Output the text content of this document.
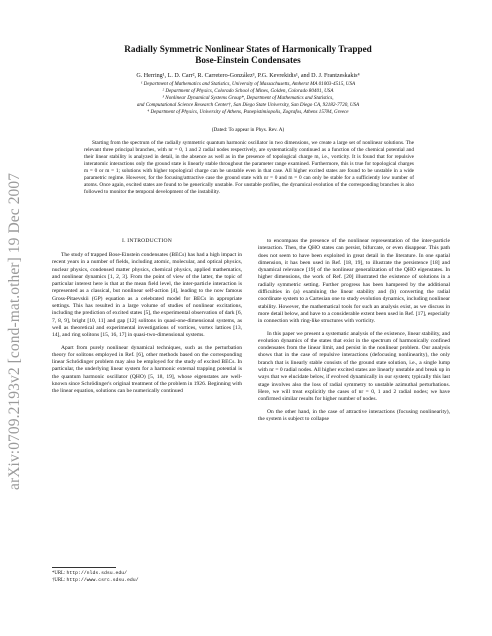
arXiv:0709.2193v2 [cond-mat.other] 19 Dec 2007
Radially Symmetric Nonlinear States of Harmonically Trapped
Bose-Einstein Condensates
G. Herring¹, L. D. Carr², R. Carretero-González³, P.G. Kevrekidis¹, and D. J. Frantzeskakis⁴
¹ Department of Mathematics and Statistics, University of Massachusetts, Amherst MA 01003-4515, USA
² Department of Physics, Colorado School of Mines, Golden, Colorado 80401, USA
³ Nonlinear Dynamical Systems Group*, Department of Mathematics and Statistics,
and Computational Science Research Center†, San Diego State University, San Diego CA, 92182-7720, USA
⁴ Department of Physics, University of Athens, Panepistimiopolis, Zografos, Athens 15784, Greece
(Dated: To appear in Phys. Rev. A)
Starting from the spectrum of the radially symmetric quantum harmonic oscillator in two dimensions, we create a large set of nonlinear solutions. The relevant three principal branches, with nr = 0, 1 and 2 radial nodes respectively, are systematically continued as a function of the chemical potential and their linear stability is analyzed in detail, in the absence as well as in the presence of topological charge m, i.e., vorticity. It is found that for repulsive interatomic interactions only the ground state is linearly stable throughout the parameter range examined. Furthermore, this is true for topological charges m = 0 or m = 1; solutions with higher topological charge can be unstable even in that case. All higher excited states are found to be unstable in a wide parametric regime. However, for the focusing/attractive case the ground state with nr = 0 and m = 0 can only be stable for a sufficiently low number of atoms. Once again, excited states are found to be generically unstable. For unstable profiles, the dynamical evolution of the corresponding branches is also followed to monitor the temporal development of the instability.
I. INTRODUCTION

The study of trapped Bose-Einstein condensates (BECs) has had a high impact in recent years in a number of fields, including atomic, molecular, and optical physics, nuclear physics, condensed matter physics, chemical physics, applied mathematics, and nonlinear dynamics [1, 2, 3]. From the point of view of the latter, the topic of particular interest here is that at the mean field level, the inter-particle interaction is represented as a classical, but nonlinear self-action [4], leading to the now famous Gross-Pitaevskii (GP) equation as a celebrated model for BECs in appropriate settings. This has resulted in a large volume of studies of nonlinear excitations, including the prediction of excited states [5], the experimental observation of dark [6, 7, 8, 9], bright [10, 11] and gap [12] solitons in quasi-one-dimensional systems, as well as theoretical and experimental investigations of vortices, vortex lattices [13, 14], and ring solitons [15, 16, 17] in quasi-two-dimensional systems.

Apart from purely nonlinear dynamical techniques, such as the perturbation theory for solitons employed in Ref. [6], other methods based on the corresponding linear Schrödinger problem may also be employed for the study of excited BECs. In particular, the underlying linear system for a harmonic external trapping potential is the quantum harmonic oscillator (QHO) [5, 18, 19], whose eigenstates are well-known since Schrödinger's original treatment of the problem in 1926. Beginning with the linear equation, solutions can be numerically continued

*URL: http://nlds.sdsu.edu/
†URL: http://www.csrc.sdsu.edu/

to encompass the presence of the nonlinear representation of the inter-particle interaction. Then, the QHO states can persist, bifurcate, or even disappear. This path does not seem to have been exploited in great detail in the literature. In one spatial dimension, it has been used in Ref. [18, 19], to illustrate the persistence [18] and dynamical relevance [19] of the nonlinear generalization of the QHO eigenstates. In higher dimensions, the work of Ref. [20] illustrated the existence of solutions in a radially symmetric setting. Further progress has been hampered by the additional difficulties in (a) examining the linear stability and (b) converting the radial coordinate system to a Cartesian one to study evolution dynamics, including nonlinear stability. However, the mathematical tools for such an analysis exist, as we discuss in more detail below, and have to a considerable extent been used in Ref. [17], especially in connection with ring-like structures with vorticity.

In this paper we present a systematic analysis of the existence, linear stability, and evolution dynamics of the states that exist in the spectrum of harmonically confined condensates from the linear limit, and persist in the nonlinear problem. Our analysis shows that in the case of repulsive interactions (defocusing nonlinearity), the only branch that is linearly stable consists of the ground state solution, i.e., a single lump with nr = 0 radial nodes. All higher excited states are linearly unstable and break up in ways that we elucidate below, if evolved dynamically in our system; typically this last stage involves also the loss of radial symmetry to unstable azimuthal perturbations. Here, we will treat explicitly the cases of nr = 0, 1 and 2 radial nodes; we have confirmed similar results for higher number of nodes.

On the other hand, in the case of attractive interactions (focusing nonlinearity), the system is subject to collapse
